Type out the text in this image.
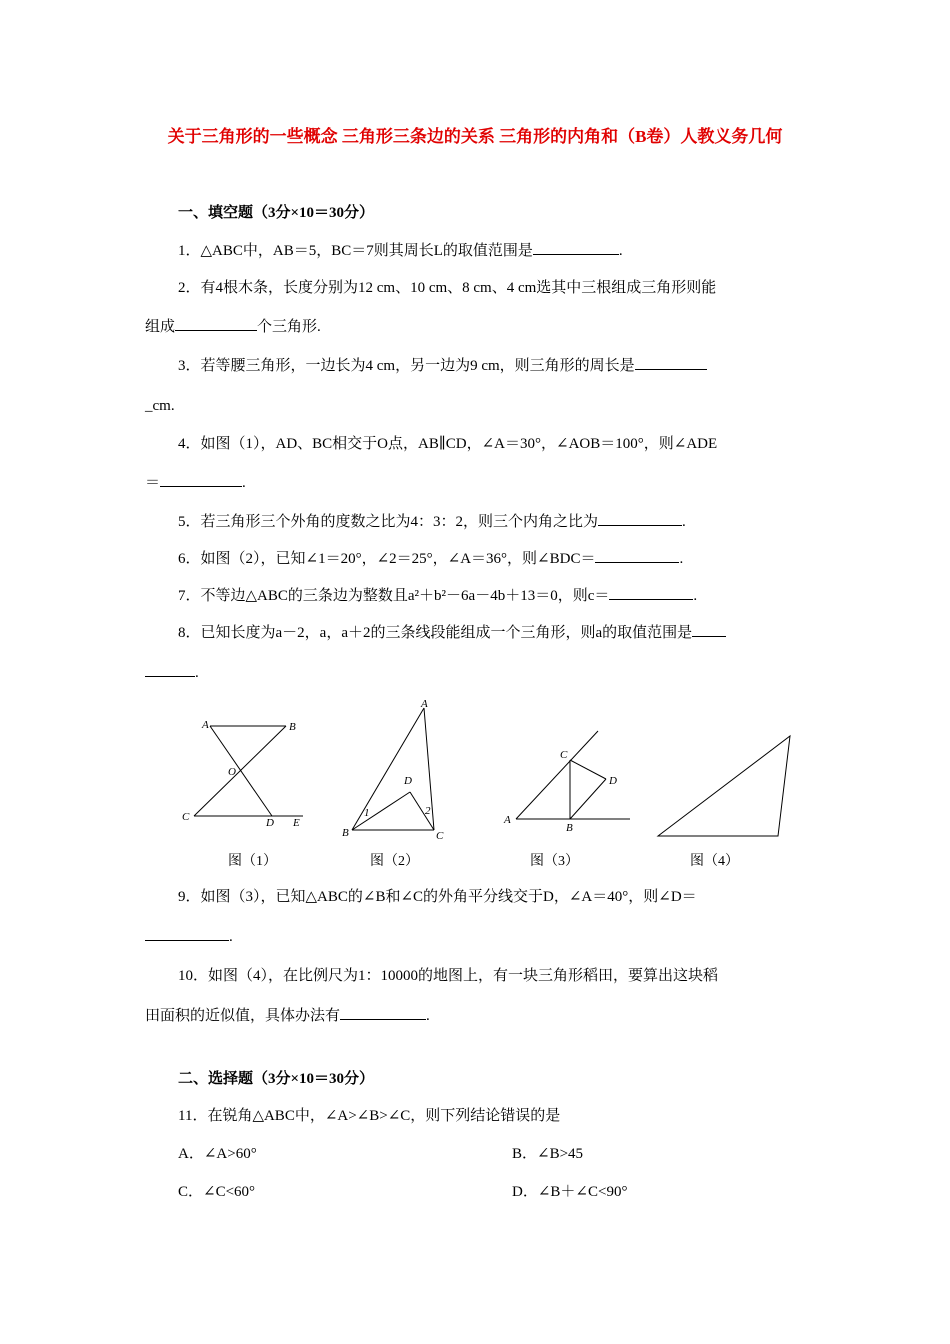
关于三角形的一些概念 三角形三条边的关系 三角形的内角和（B卷）人教义务几何
一、填空题（3分×10＝30分）
1．△ABC中，AB＝5，BC＝7则其周长L的取值范围是	.
2．有4根木条，长度分别为12 cm、10 cm、8 cm、4 cm选其中三根组成三角形则能
组成	个三角形.
3．若等腰三角形，一边长为4 cm，另一边为9 cm，则三角形的周长是
_cm.
4．如图（1），AD、BC相交于O点，AB∥CD，∠A＝30°，∠AOB＝100°，则∠ADE
＝	.
5．若三角形三个外角的度数之比为4：3：2，则三个内角之比为	.
6．如图（2），已知∠1＝20°，∠2＝25°，∠A＝36°，则∠BDC＝	.
7．不等边△ABC的三条边为整数且a²＋b²－6a－4b＋13＝0，则c＝	.
8．已知长度为a－2，a，a＋2的三条线段能组成一个三角形，则a的取值范围是
.
A	B
O
C	D E
A
D
1	2
B	C
C
D
A
B
图（1）	图（2）	图（3）	图（4）
9．如图（3），已知△ABC的∠B和∠C的外角平分线交于D，∠A＝40°，则∠D＝
.
10．如图（4），在比例尺为1：10000的地图上，有一块三角形稻田，要算出这块稻
田面积的近似值，具体办法有	.
二、选择题（3分×10＝30分）
11．在锐角△ABC中，∠A>∠B>∠C，则下列结论错误的是
A．∠A>60°	B．∠B>45
C．∠C<60°	D．∠B＋∠C<90°
